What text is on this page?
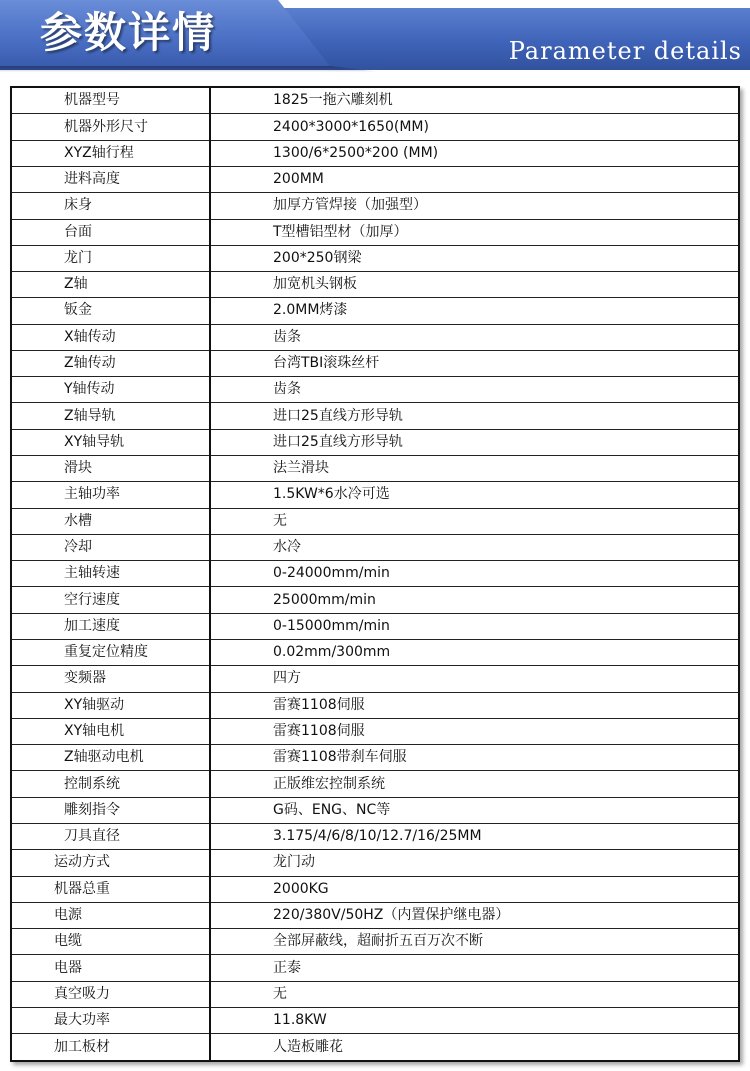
参数详情	Parameter details
机器型号	1825一拖六雕刻机
机器外形尺寸	2400*3000*1650(MM)
XYZ轴行程	1300/6*2500*200 (MM)
进料高度	200MM
床身	加厚方管焊接（加强型）
台面	T型槽铝型材（加厚）
龙门	200*250钢梁
Z轴	加宽机头钢板
钣金	2.0MM烤漆
X轴传动	齿条
Z轴传动	台湾TBI滚珠丝杆
Y轴传动	齿条
Z轴导轨	进口25直线方形导轨
XY轴导轨	进口25直线方形导轨
滑块	法兰滑块
主轴功率	1.5KW*6水冷可选
水槽	无
冷却	水冷
主轴转速	0-24000mm/min
空行速度	25000mm/min
加工速度	0-15000mm/min
重复定位精度	0.02mm/300mm
变频器	四方
XY轴驱动	雷赛1108伺服
XY轴电机	雷赛1108伺服
Z轴驱动电机	雷赛1108带刹车伺服
控制系统	正版维宏控制系统
雕刻指令	G码、ENG、NC等
刀具直径	3.175/4/6/8/10/12.7/16/25MM
运动方式	龙门动
机器总重	2000KG
电源	220/380V/50HZ（内置保护继电器）
电缆	全部屏蔽线，超耐折五百万次不断
电器	正泰
真空吸力	无
最大功率	11.8KW
加工板材	人造板雕花
